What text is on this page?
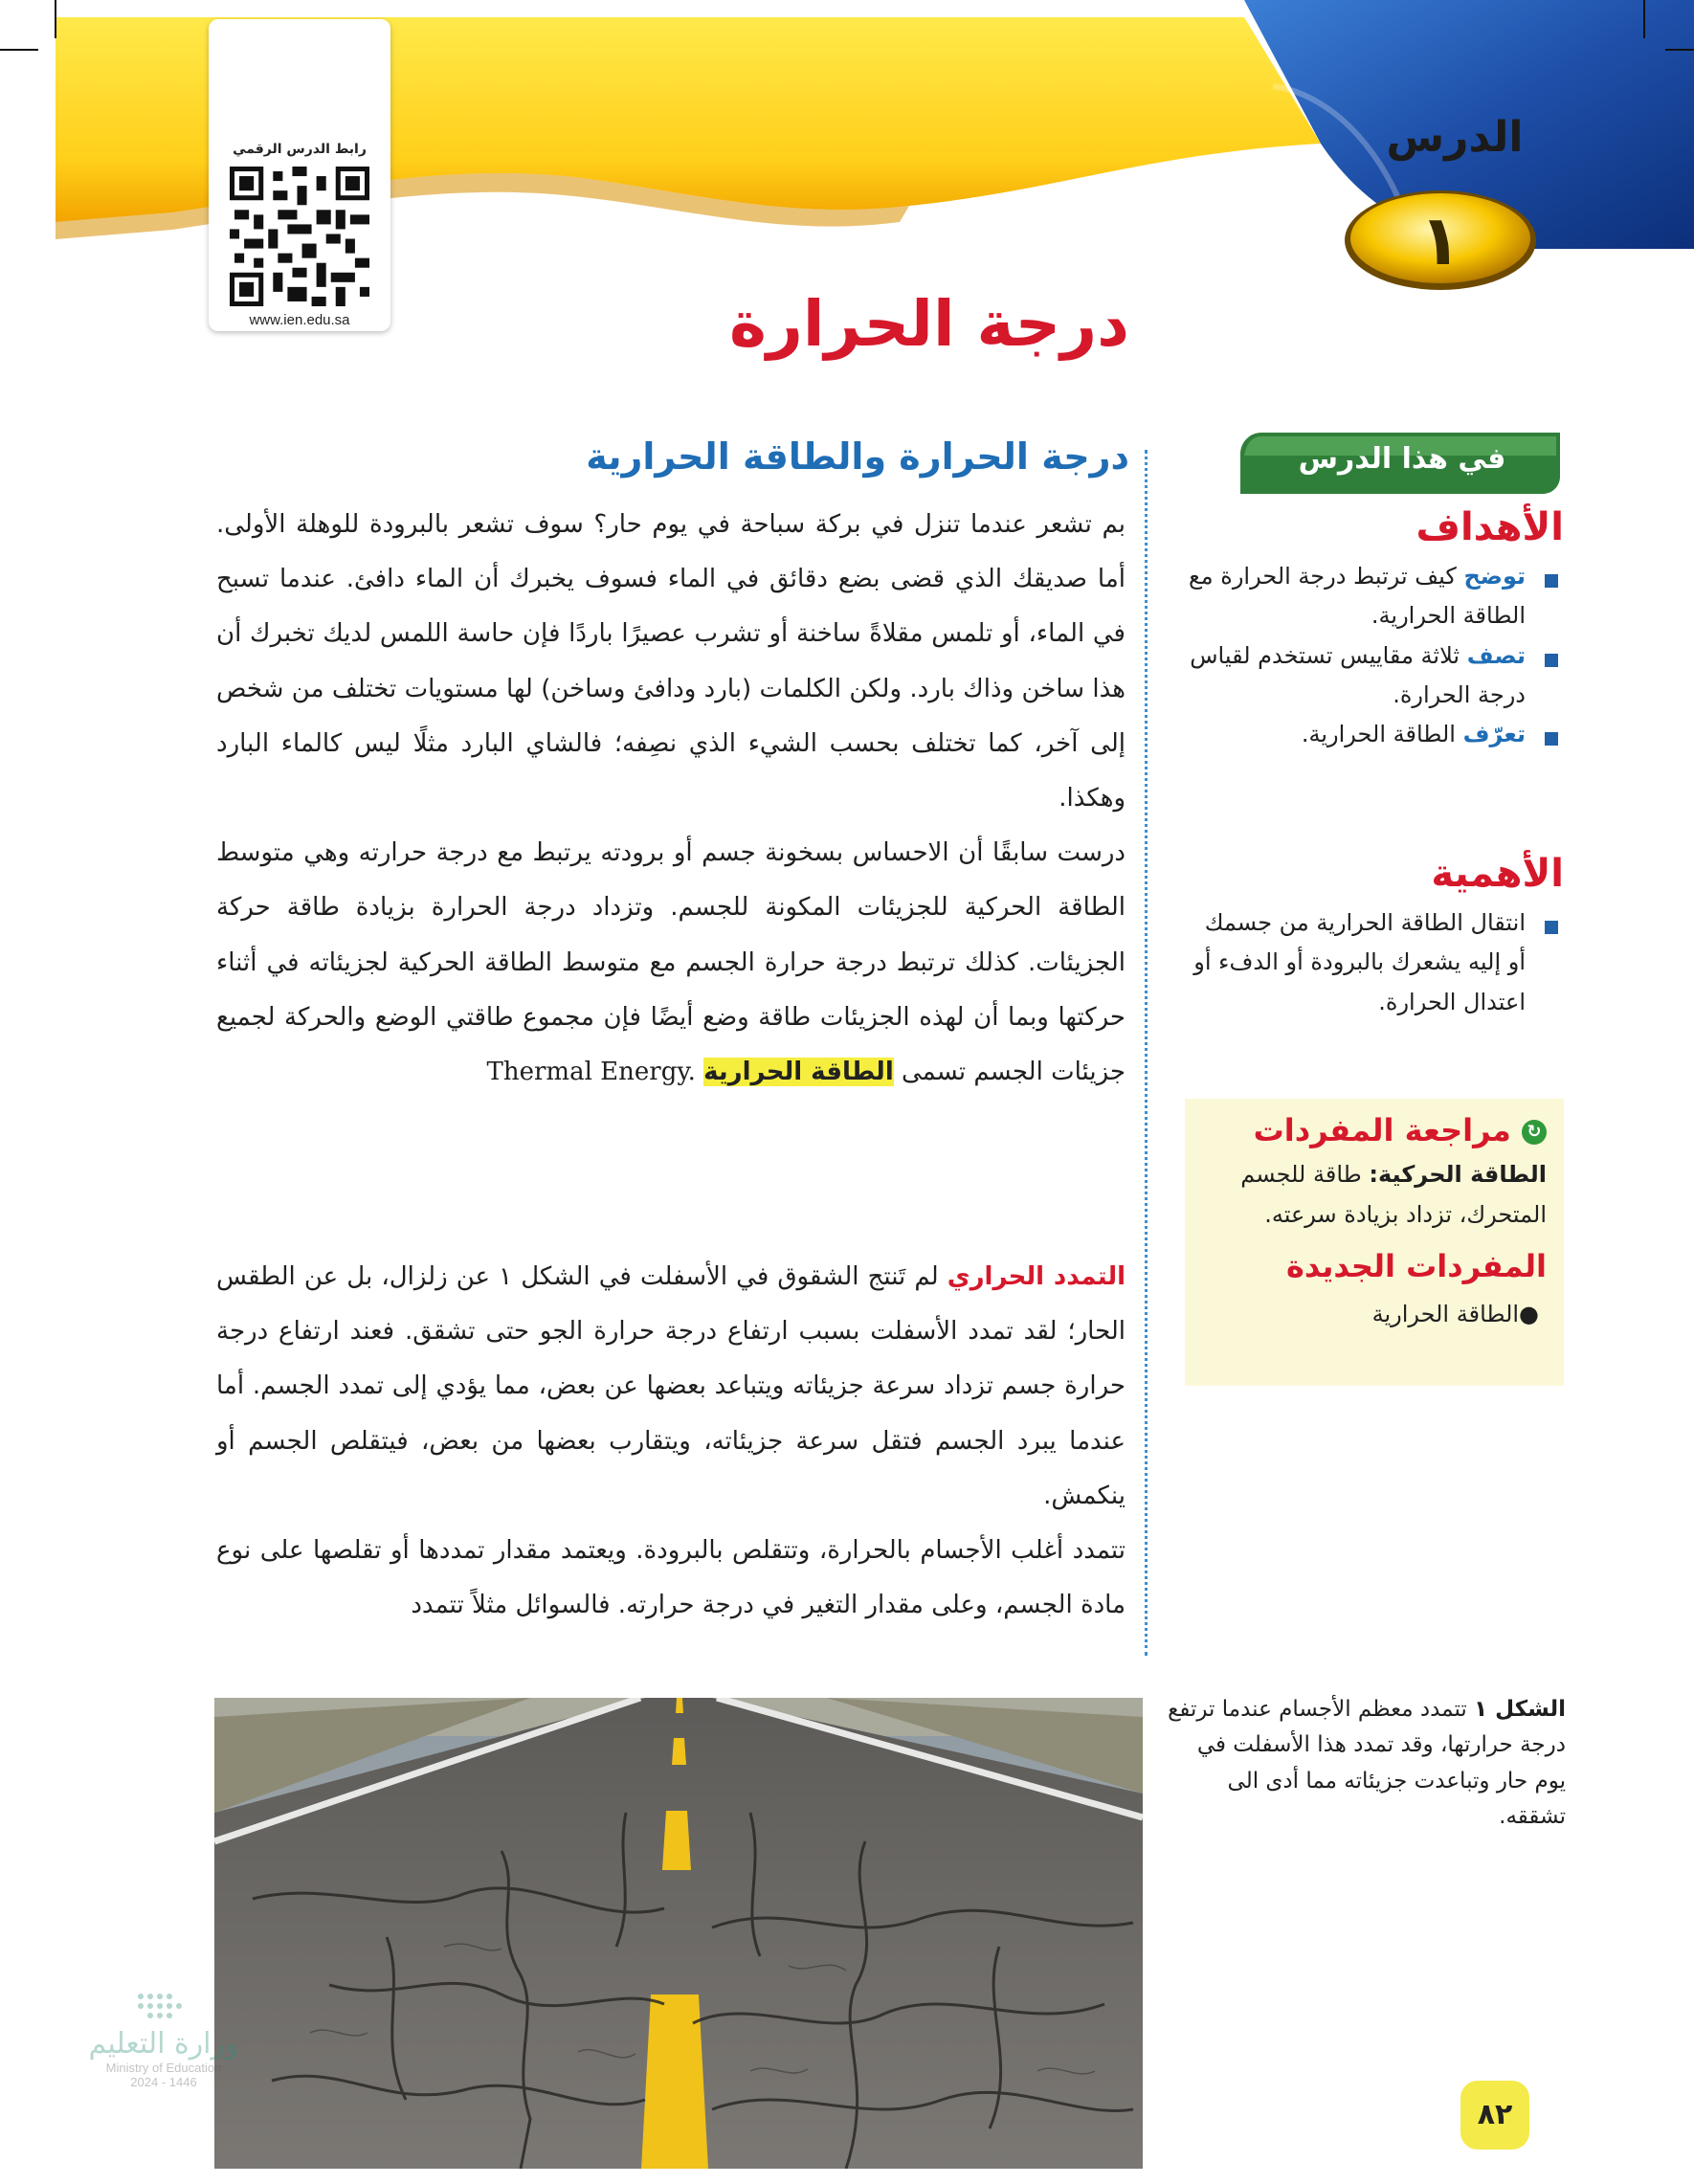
الدرس
١
رابط الدرس الرقمي
www.ien.edu.sa	درجة الحرارة
في هذا الدرس
الأهداف
توضح كيف ترتبط درجة الحرارة مع الطاقة الحرارية.
تصف ثلاثة مقاييس تستخدم لقياس درجة الحرارة.
تعرّف الطاقة الحرارية.
الأهمية
انتقال الطاقة الحرارية من جسمك أو إليه يشعرك بالبرودة أو الدفء أو اعتدال الحرارة.
↻ مراجعة المفردات
الطاقة الحركية: طاقة للجسم المتحرك، تزداد بزيادة سرعته.
المفردات الجديدة
●الطاقة الحرارية
درجة الحرارة والطاقة الحرارية

بم تشعر عندما تنزل في بركة سباحة في يوم حار؟ سوف تشعر بالبرودة للوهلة الأولى. أما صديقك الذي قضى بضع دقائق في الماء فسوف يخبرك أن الماء دافئ. عندما تسبح في الماء، أو تلمس مقلاةً ساخنة أو تشرب عصيرًا باردًا فإن حاسة اللمس لديك تخبرك أن هذا ساخن وذاك بارد. ولكن الكلمات (بارد ودافئ وساخن) لها مستويات تختلف من شخص إلى آخر، كما تختلف بحسب الشيء الذي نصِفه؛ فالشاي البارد مثلًا ليس كالماء البارد وهكذا.

درست سابقًا أن الاحساس بسخونة جسم أو برودته يرتبط مع درجة حرارته وهي متوسط الطاقة الحركية للجزيئات المكونة للجسم. وتزداد درجة الحرارة بزيادة طاقة حركة الجزيئات. كذلك ترتبط درجة حرارة الجسم مع متوسط الطاقة الحركية لجزيئاته في أثناء حركتها وبما أن لهذه الجزيئات طاقة وضع أيضًا فإن مجموع طاقتي الوضع والحركة لجميع جزيئات الجسم تسمى الطاقة الحرارية Thermal Energy.

التمدد الحراري لم تَنتج الشقوق في الأسفلت في الشكل ١ عن زلزال، بل عن الطقس الحار؛ لقد تمدد الأسفلت بسبب ارتفاع درجة حرارة الجو حتى تشقق. فعند ارتفاع درجة حرارة جسم تزداد سرعة جزيئاته ويتباعد بعضها عن بعض، مما يؤدي إلى تمدد الجسم. أما عندما يبرد الجسم فتقل سرعة جزيئاته، ويتقارب بعضها من بعض، فيتقلص الجسم أو ينكمش.

تتمدد أغلب الأجسام بالحرارة، وتتقلص بالبرودة. ويعتمد مقدار تمددها أو تقلصها على نوع مادة الجسم، وعلى مقدار التغير في درجة حرارته. فالسوائل مثلاً تتمدد

الشكل ١ تتمدد معظم الأجسام عندما ترتفع درجة حرارتها، وقد تمدد هذا الأسفلت في يوم حار وتباعدت جزيئاته مما أدى الى تشققه.
٨٢
وزارة التعليم
Ministry of Education
2024 - 1446
